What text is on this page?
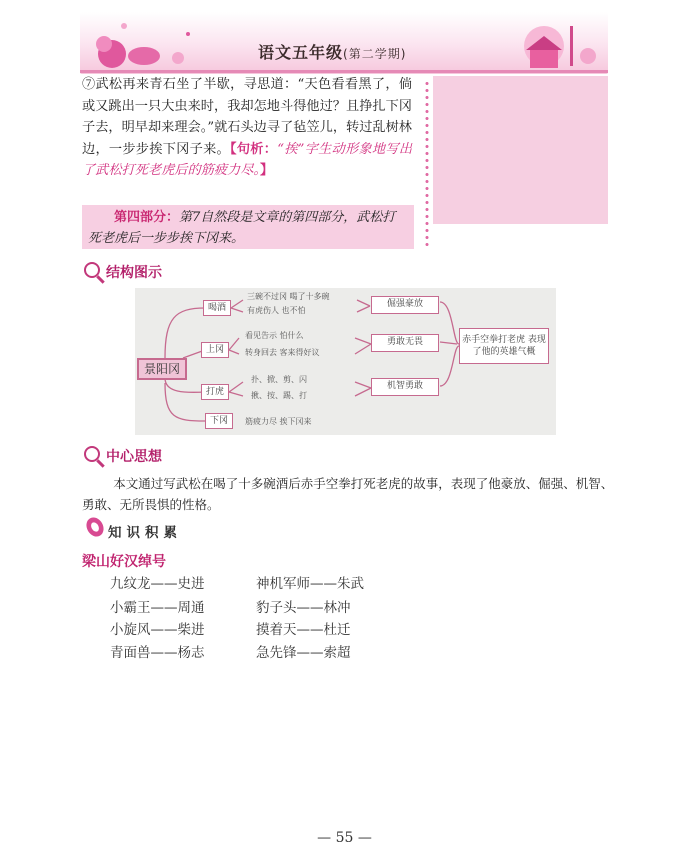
语文五年级(第二学期)
⑦武松再来青石坐了半歇，寻思道：“天色看看黑了，倘或又跳出一只大虫来时，我却怎地斗得他过？且挣扎下冈子去，明早却来理会。”就石头边寻了毡笠儿，转过乱树林边，一步步挨下冈子来。【句析：“挨”字生动形象地写出了武松打死老虎后的筋疲力尽。】
第四部分：第7自然段是文章的第四部分，武松打死老虎后一步步挨下冈来。
结构图示
景阳冈
喝酒
三碗不过冈 喝了十多碗
有虎伤人 也不怕
倔强豪放
上冈
看见告示 怕什么
转身回去 客来得好议
勇敢无畏
打虎
扑、掀、剪、闪
揪、按、踢、打
机智勇敢
下冈	筋疲力尽 挨下冈来
赤手空拳打老虎 表现了他的英雄气概
中心思想
本文通过写武松在喝了十多碗酒后赤手空拳打死老虎的故事，表现了他豪放、倔强、机智、勇敢、无所畏惧的性格。
知识积累
梁山好汉绰号
九纹龙——史进	神机军师——朱武
小霸王——周通	豹子头——林冲
小旋风——柴进	摸着天——杜迁
青面兽——杨志	急先锋——索超
— 55 —
